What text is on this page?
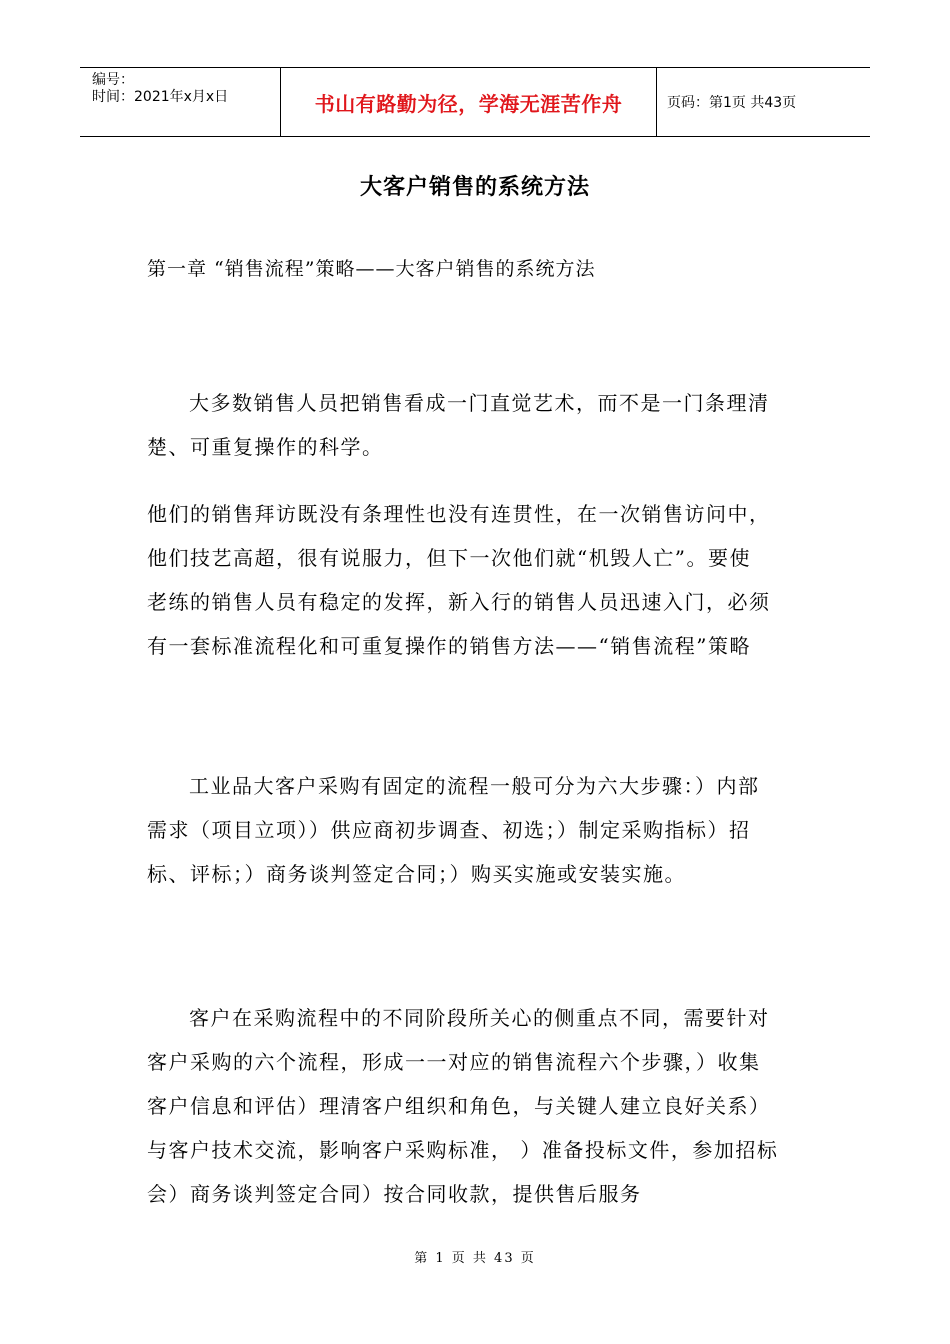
编号：
时间：2021年x月x日	书山有路勤为径，学海无涯苦作舟	页码：第1页 共43页
大客户销售的系统方法
第一章 “销售流程”策略——大客户销售的系统方法
大多数销售人员把销售看成一门直觉艺术，而不是一门条理清
楚、可重复操作的科学。
他们的销售拜访既没有条理性也没有连贯性，在一次销售访问中，
他们技艺高超，很有说服力，但下一次他们就“机毁人亡”。要使
老练的销售人员有稳定的发挥，新入行的销售人员迅速入门，必须
有一套标准流程化和可重复操作的销售方法——“销售流程”策略
工业品大客户采购有固定的流程一般可分为六大步骤：）内部
需求（项目立项））供应商初步调查、初选；）制定采购指标）招
标、评标；）商务谈判签定合同；）购买实施或安装实施。
客户在采购流程中的不同阶段所关心的侧重点不同，需要针对
客户采购的六个流程，形成一一对应的销售流程六个步骤，）收集
客户信息和评估）理清客户组织和角色，与关键人建立良好关系）
与客户技术交流，影响客户采购标准， ）准备投标文件，参加招标
会）商务谈判签定合同）按合同收款，提供售后服务
第 1 页 共 43 页
